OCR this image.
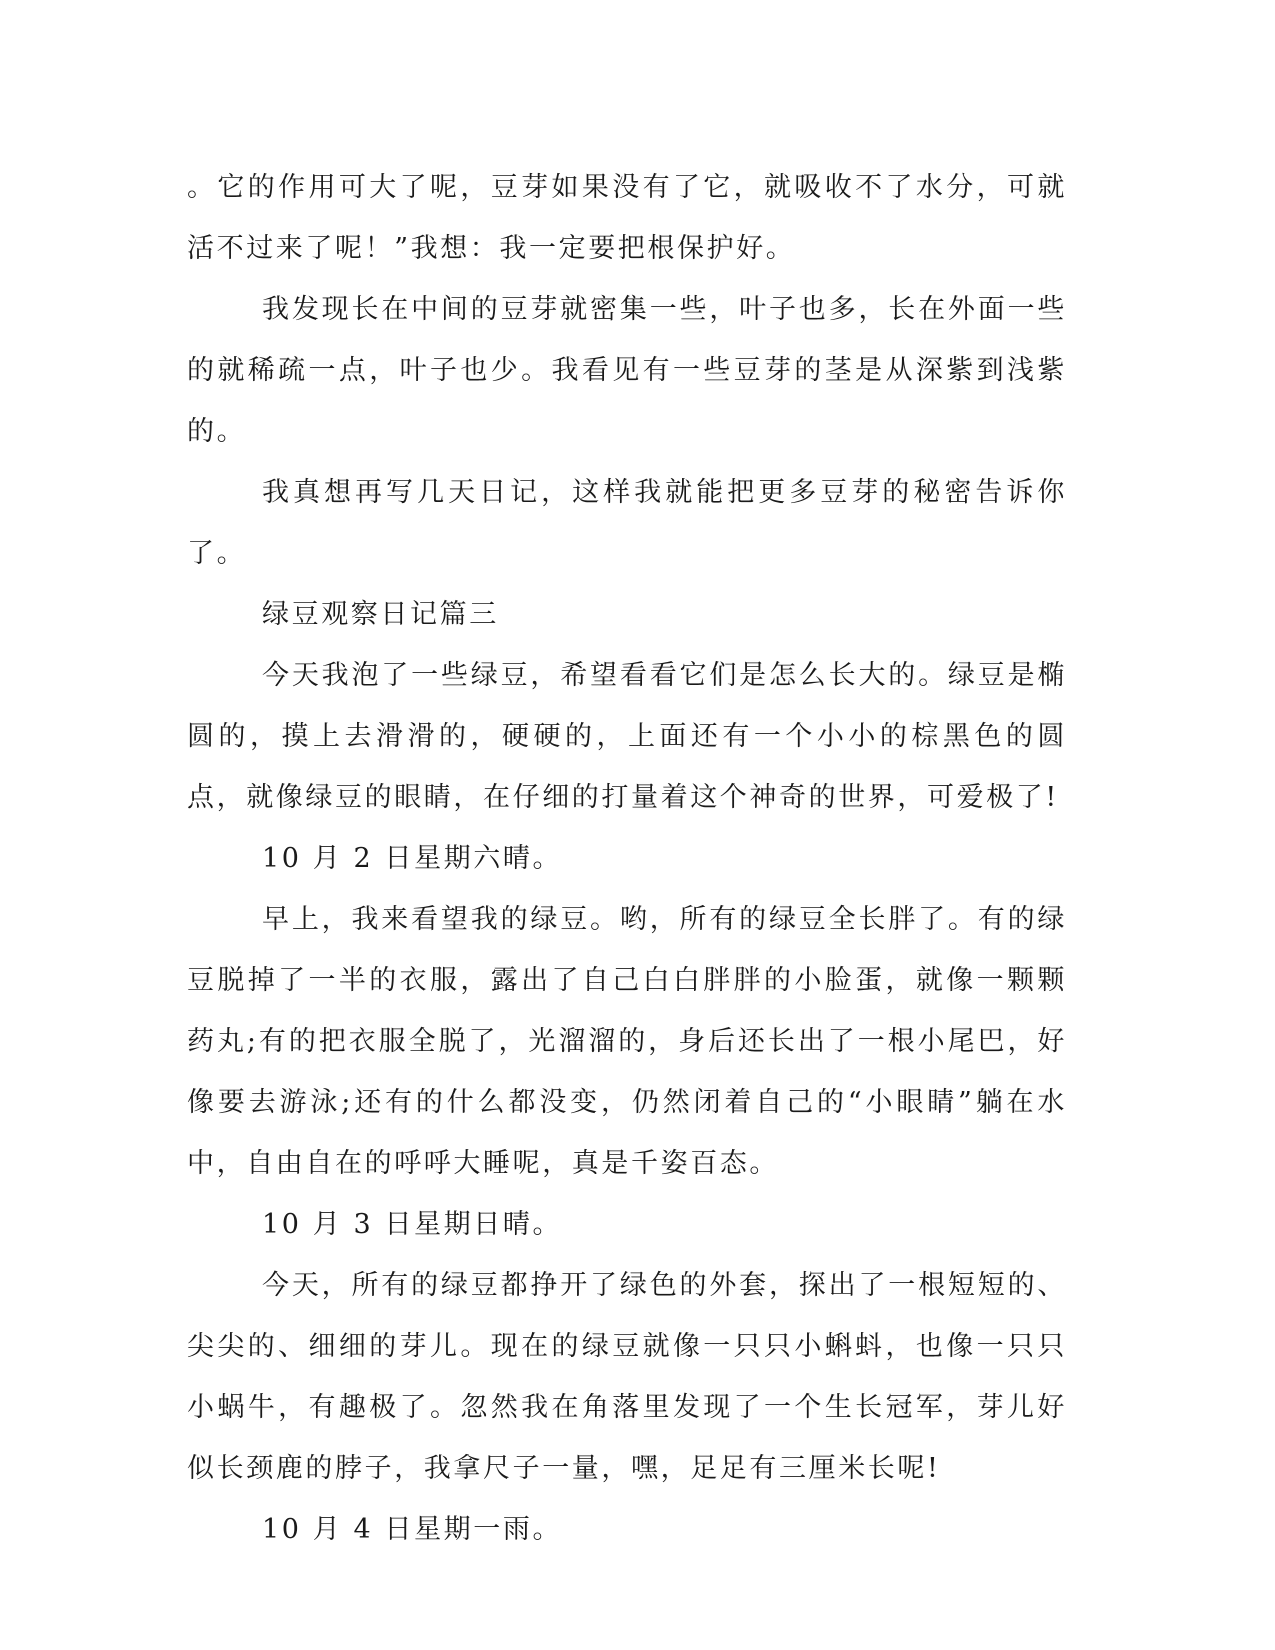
。它的作用可大了呢，豆芽如果没有了它，就吸收不了水分，可就活不过来了呢！”我想：我一定要把根保护好。

我发现长在中间的豆芽就密集一些，叶子也多，长在外面一些的就稀疏一点，叶子也少。我看见有一些豆芽的茎是从深紫到浅紫的。

我真想再写几天日记，这样我就能把更多豆芽的秘密告诉你了。

绿豆观察日记篇三

今天我泡了一些绿豆，希望看看它们是怎么长大的。绿豆是椭圆的，摸上去滑滑的，硬硬的，上面还有一个小小的棕黑色的圆点，就像绿豆的眼睛，在仔细的打量着这个神奇的世界，可爱极了!

10 月 2 日星期六晴。

早上，我来看望我的绿豆。哟，所有的绿豆全长胖了。有的绿豆脱掉了一半的衣服，露出了自己白白胖胖的小脸蛋，就像一颗颗药丸;有的把衣服全脱了，光溜溜的，身后还长出了一根小尾巴，好像要去游泳;还有的什么都没变，仍然闭着自己的“小眼睛”躺在水中，自由自在的呼呼大睡呢，真是千姿百态。

10 月 3 日星期日晴。

今天，所有的绿豆都挣开了绿色的外套，探出了一根短短的、尖尖的、细细的芽儿。现在的绿豆就像一只只小蝌蚪，也像一只只小蜗牛，有趣极了。忽然我在角落里发现了一个生长冠军，芽儿好似长颈鹿的脖子，我拿尺子一量，嘿，足足有三厘米长呢!

10 月 4 日星期一雨。
